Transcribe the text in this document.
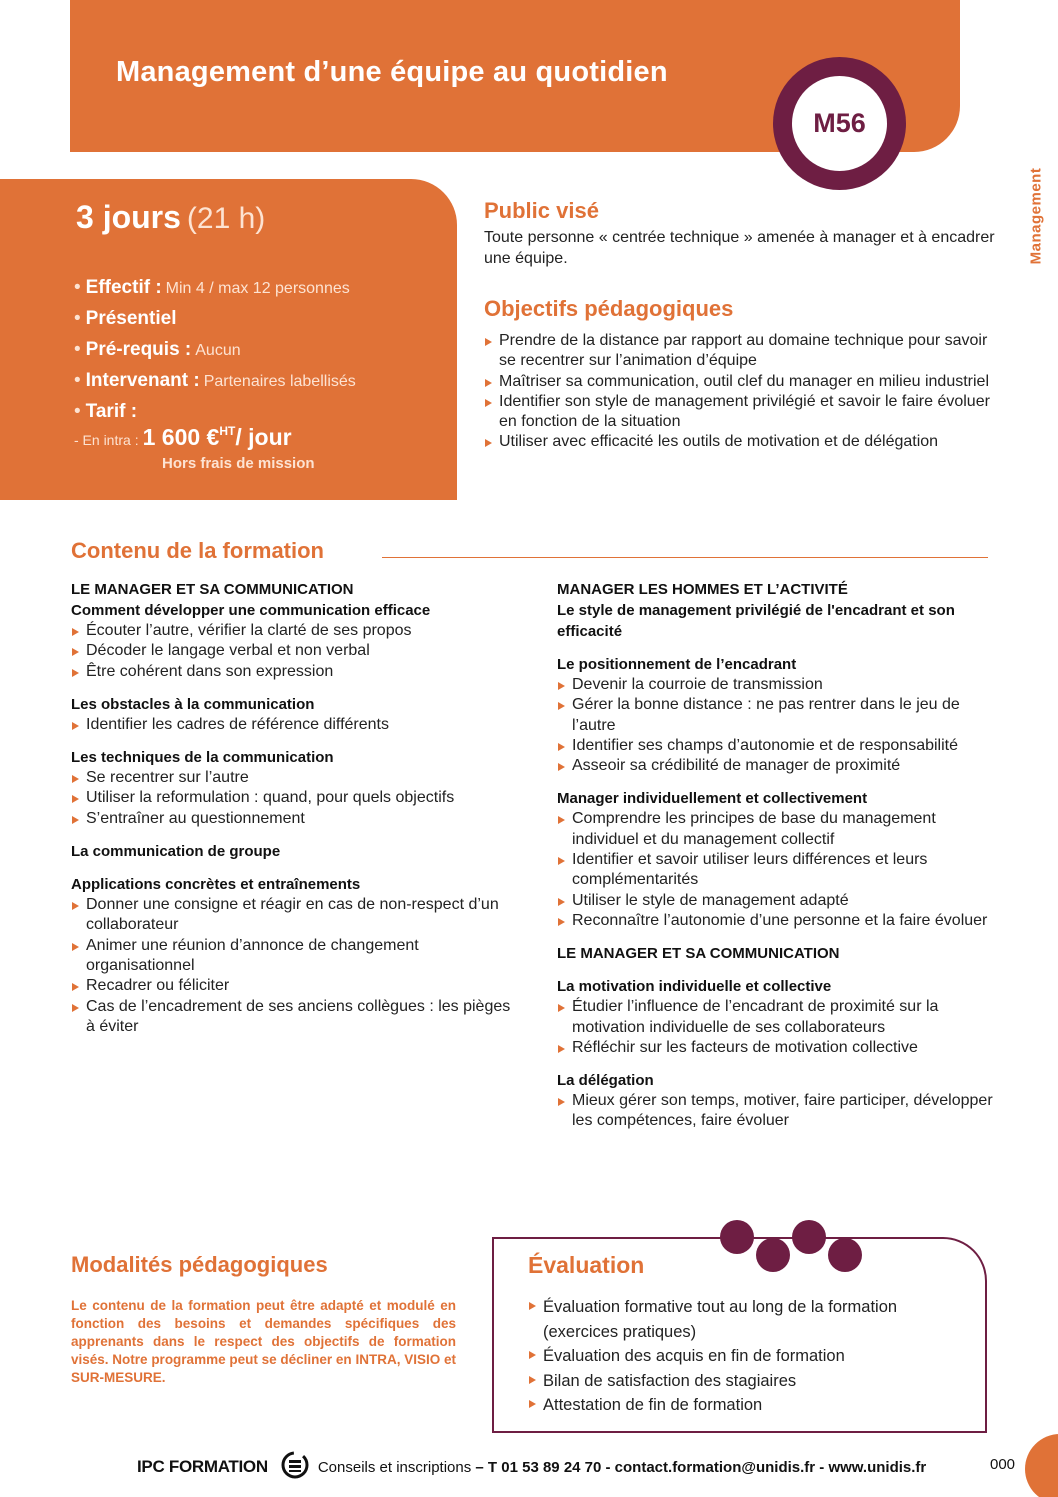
Management d’une équipe au quotidien
M56
Management
3 jours (21 h)
• Effectif : Min 4 / max 12 personnes
• Présentiel
• Pré-requis : Aucun
• Intervenant : Partenaires labellisés
• Tarif :
- En intra : 1 600 €$^{HT}$/ jour
Hors frais de mission
Public visé

Toute personne « centrée technique » amenée à manager et à encadrer une équipe.

Objectifs pédagogiques
Prendre de la distance par rapport au domaine technique pour savoir se recentrer sur l’animation d’équipe
Maîtriser sa communication, outil clef du manager en milieu industriel
Identifier son style de management privilégié et savoir le faire évoluer en fonction de la situation
Utiliser avec efficacité les outils de motivation et de délégation
Contenu de la formation
LE MANAGER ET SA COMMUNICATION
Comment développer une communication efficace
Écouter l’autre, vérifier la clarté de ses propos
Décoder le langage verbal et non verbal
Être cohérent dans son expression
Les obstacles à la communication
Identifier les cadres de référence différents
Les techniques de la communication
Se recentrer sur l’autre
Utiliser la reformulation : quand, pour quels objectifs
S’entraîner au questionnement
La communication de groupe
Applications concrètes et entraînements
Donner une consigne et réagir en cas de non-respect d’un collaborateur
Animer une réunion d’annonce de changement organisationnel
Recadrer ou féliciter
Cas de l’encadrement de ses anciens collègues : les pièges à éviter
MANAGER LES HOMMES ET L’ACTIVITÉ
Le style de management privilégié de l'encadrant et son efficacité
Le positionnement de l’encadrant
Devenir la courroie de transmission
Gérer la bonne distance : ne pas rentrer dans le jeu de l’autre
Identifier ses champs d’autonomie et de responsabilité
Asseoir sa crédibilité de manager de proximité
Manager individuellement et collectivement
Comprendre les principes de base du management individuel et du management collectif
Identifier et savoir utiliser leurs différences et leurs complémentarités
Utiliser le style de management adapté
Reconnaître l’autonomie d’une personne et la faire évoluer
LE MANAGER ET SA COMMUNICATION
La motivation individuelle et collective
Étudier l’influence de l’encadrant de proximité sur la motivation individuelle de ses collaborateurs
Réfléchir sur les facteurs de motivation collective
La délégation
Mieux gérer son temps, motiver, faire participer, développer les compétences, faire évoluer
Modalités pédagogiques

Le contenu de la formation peut être adapté et modulé en fonction des besoins et demandes spécifiques des apprenants dans le respect des objectifs de formation visés. Notre programme peut se décliner en INTRA, VISIO et SUR-MESURE.

Évaluation
Évaluation formative tout au long de la formation (exercices pratiques)
Évaluation des acquis en fin de formation
Bilan de satisfaction des stagiaires
Attestation de fin de formation
IPC FORMATION	Conseils et inscriptions – T 01 53 89 24 70 - contact.formation@unidis.fr - www.unidis.fr	000
